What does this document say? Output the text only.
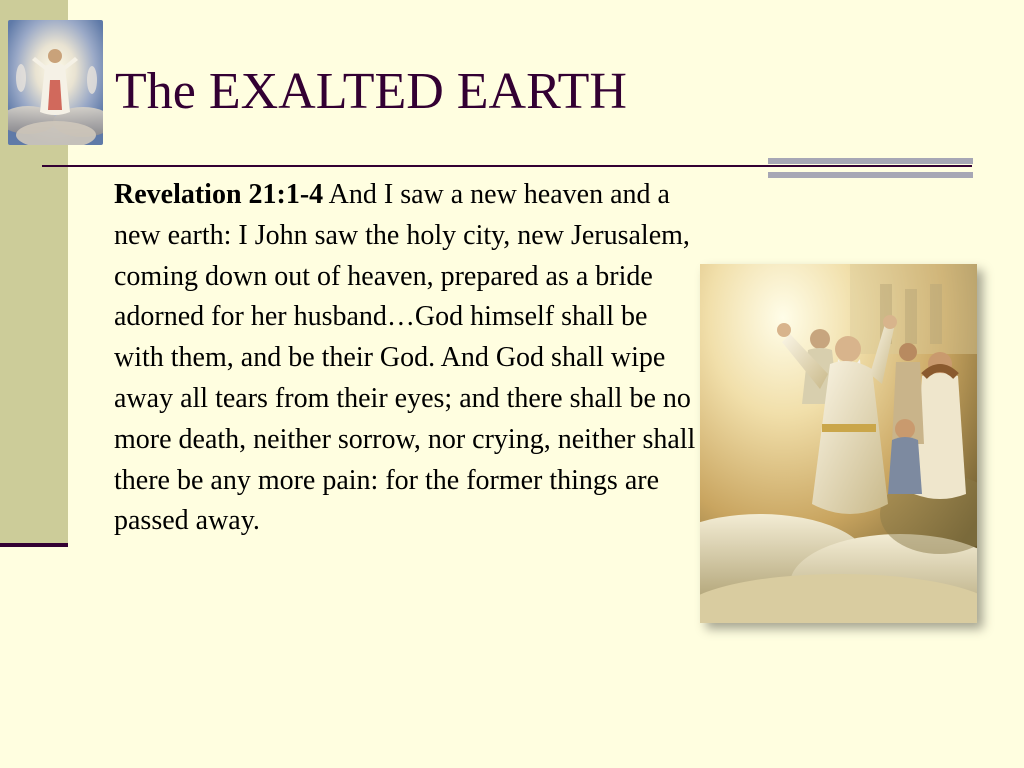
The EXALTED EARTH

Revelation 21:1-4 And I saw a new heaven and a new earth: I John saw the holy city, new Jerusalem, coming down out of heaven, prepared as a bride adorned for her husband…God himself shall be with them, and be their God. And God shall wipe away all tears from their eyes; and there shall be no more death, neither sorrow, nor crying, neither shall there be any more pain: for the former things are passed away.
